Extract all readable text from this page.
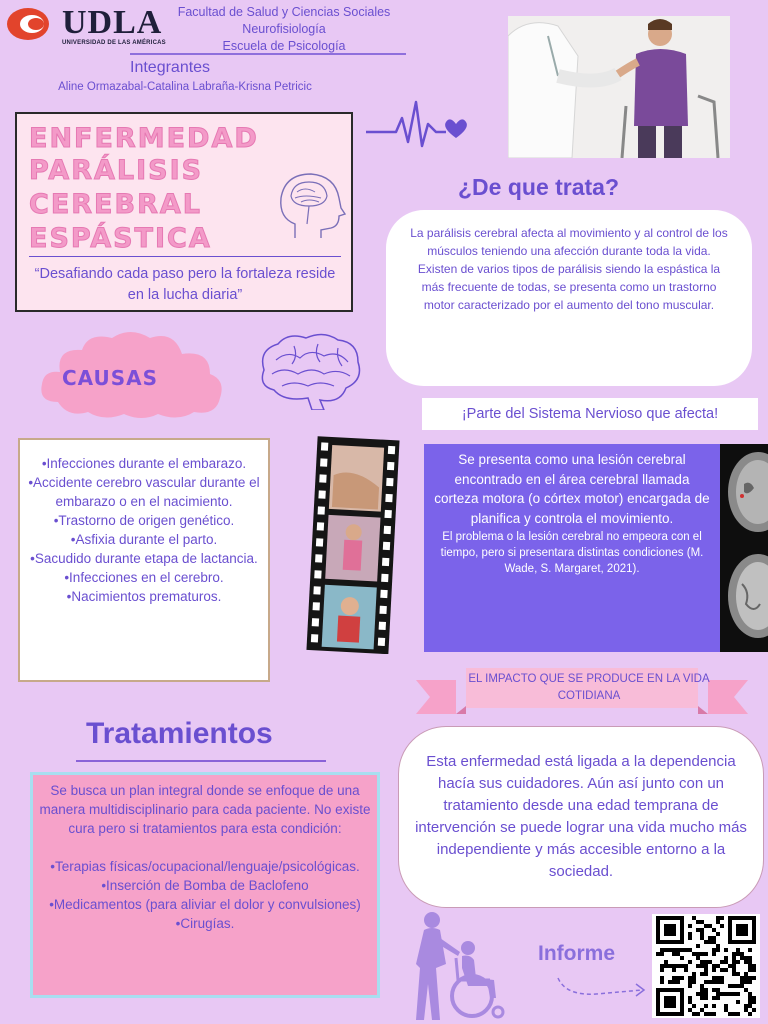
UDLA
UNIVERSIDAD DE LAS AMÉRICAS
Facultad de Salud y Ciencias Sociales
Neurofisiología
Escuela de Psicología
Integrantes
Aline Ormazabal-Catalina Labraña-Krisna Petricic
ENFERMEDAD
PARÁLISIS
CEREBRAL
ESPÁSTICA
“Desafiando cada paso pero la fortaleza reside en la lucha diaria”
¿De que trata?
La parálisis cerebral afecta al movimiento y al control de los músculos teniendo una afección durante toda la vida. Existen de varios tipos de parálisis siendo la espástica la más frecuente de todas, se presenta como un trastorno motor caracterizado por el aumento del tono muscular.
CAUSAS
•Infecciones durante el embarazo.
•Accidente cerebro vascular durante el embarazo o en el nacimiento.
•Trastorno de origen genético.
•Asfixia durante el parto.
•Sacudido durante etapa de lactancia.
•Infecciones en el cerebro.
•Nacimientos prematuros.
¡Parte del Sistema Nervioso que afecta!
Se presenta como una lesión cerebral encontrado en el área cerebral llamada corteza motora (o córtex motor) encargada de planifica y controla el movimiento.
El problema o la lesión cerebral no empeora con el tiempo, pero si presentara distintas condiciones (M. Wade, S. Margaret, 2021).
EL IMPACTO QUE SE PRODUCE EN LA VIDA COTIDIANA
Esta enfermedad está ligada a la dependencia hacía sus cuidadores. Aún así junto con un tratamiento desde una edad temprana de intervención se puede lograr una vida mucho más independiente y más accesible entorno a la sociedad.
Tratamientos
Se busca un plan integral donde se enfoque de una manera multidisciplinario para cada paciente. No existe cura pero si tratamientos para esta condición:
•Terapias físicas/ocupacional/lenguaje/psicológicas.
•Inserción de Bomba de Baclofeno
•Medicamentos (para aliviar el dolor y convulsiones)
•Cirugías.
Informe
